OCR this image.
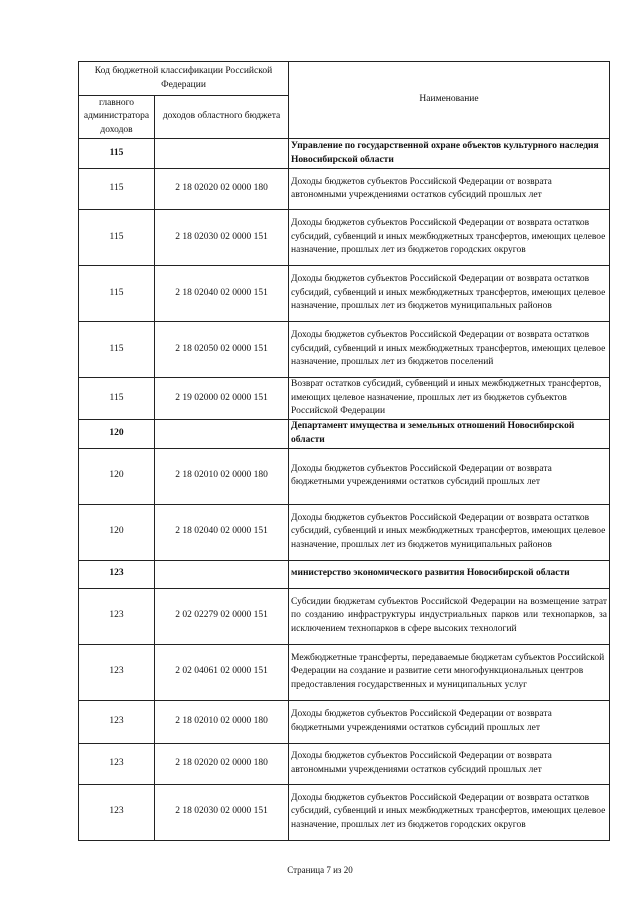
Код бюджетной классификации Российской Федерации		Наименование
главного администратора доходов	доходов областного бюджета	
115		Управление по государственной охране объектов культурного наследия Новосибирской области
115	2 18 02020 02 0000 180	Доходы бюджетов субъектов Российской Федерации от возврата автономными учреждениями остатков субсидий прошлых лет
115	2 18 02030 02 0000 151	Доходы бюджетов субъектов Российской Федерации от возврата остатков субсидий, субвенций и иных межбюджетных трансфертов, имеющих целевое назначение, прошлых лет из бюджетов городских округов
115	2 18 02040 02 0000 151	Доходы бюджетов субъектов Российской Федерации от возврата остатков субсидий, субвенций и иных межбюджетных трансфертов, имеющих целевое назначение, прошлых лет из бюджетов муниципальных районов
115	2 18 02050 02 0000 151	Доходы бюджетов субъектов Российской Федерации от возврата остатков субсидий, субвенций и иных межбюджетных трансфертов, имеющих целевое назначение, прошлых лет из бюджетов поселений
115	2 19 02000 02 0000 151	Возврат остатков субсидий, субвенций и иных межбюджетных трансфертов, имеющих целевое назначение, прошлых лет из бюджетов субъектов Российской Федерации
120		Департамент имущества и земельных отношений Новосибирской области
120	2 18 02010 02 0000 180	Доходы бюджетов субъектов Российской Федерации от возврата бюджетными учреждениями остатков субсидий прошлых лет
120	2 18 02040 02 0000 151	Доходы бюджетов субъектов Российской Федерации от возврата остатков субсидий, субвенций и иных межбюджетных трансфертов, имеющих целевое назначение, прошлых лет из бюджетов муниципальных районов
123		министерство экономического развития Новосибирской области
123	2 02 02279 02 0000 151	Субсидии бюджетам субъектов Российской Федерации на возмещение затрат по созданию инфраструктуры индустриальных парков или технопарков, за исключением технопарков в сфере высоких технологий
123	2 02 04061 02 0000 151	Межбюджетные трансферты, передаваемые бюджетам субъектов Российской Федерации на создание и развитие сети многофункциональных центров предоставления государственных и муниципальных услуг
123	2 18 02010 02 0000 180	Доходы бюджетов субъектов Российской Федерации от возврата бюджетными учреждениями остатков субсидий прошлых лет
123	2 18 02020 02 0000 180	Доходы бюджетов субъектов Российской Федерации от возврата автономными учреждениями остатков субсидий прошлых лет
123	2 18 02030 02 0000 151	Доходы бюджетов субъектов Российской Федерации от возврата остатков субсидий, субвенций и иных межбюджетных трансфертов, имеющих целевое назначение, прошлых лет из бюджетов городских округов
Страница 7 из 20
